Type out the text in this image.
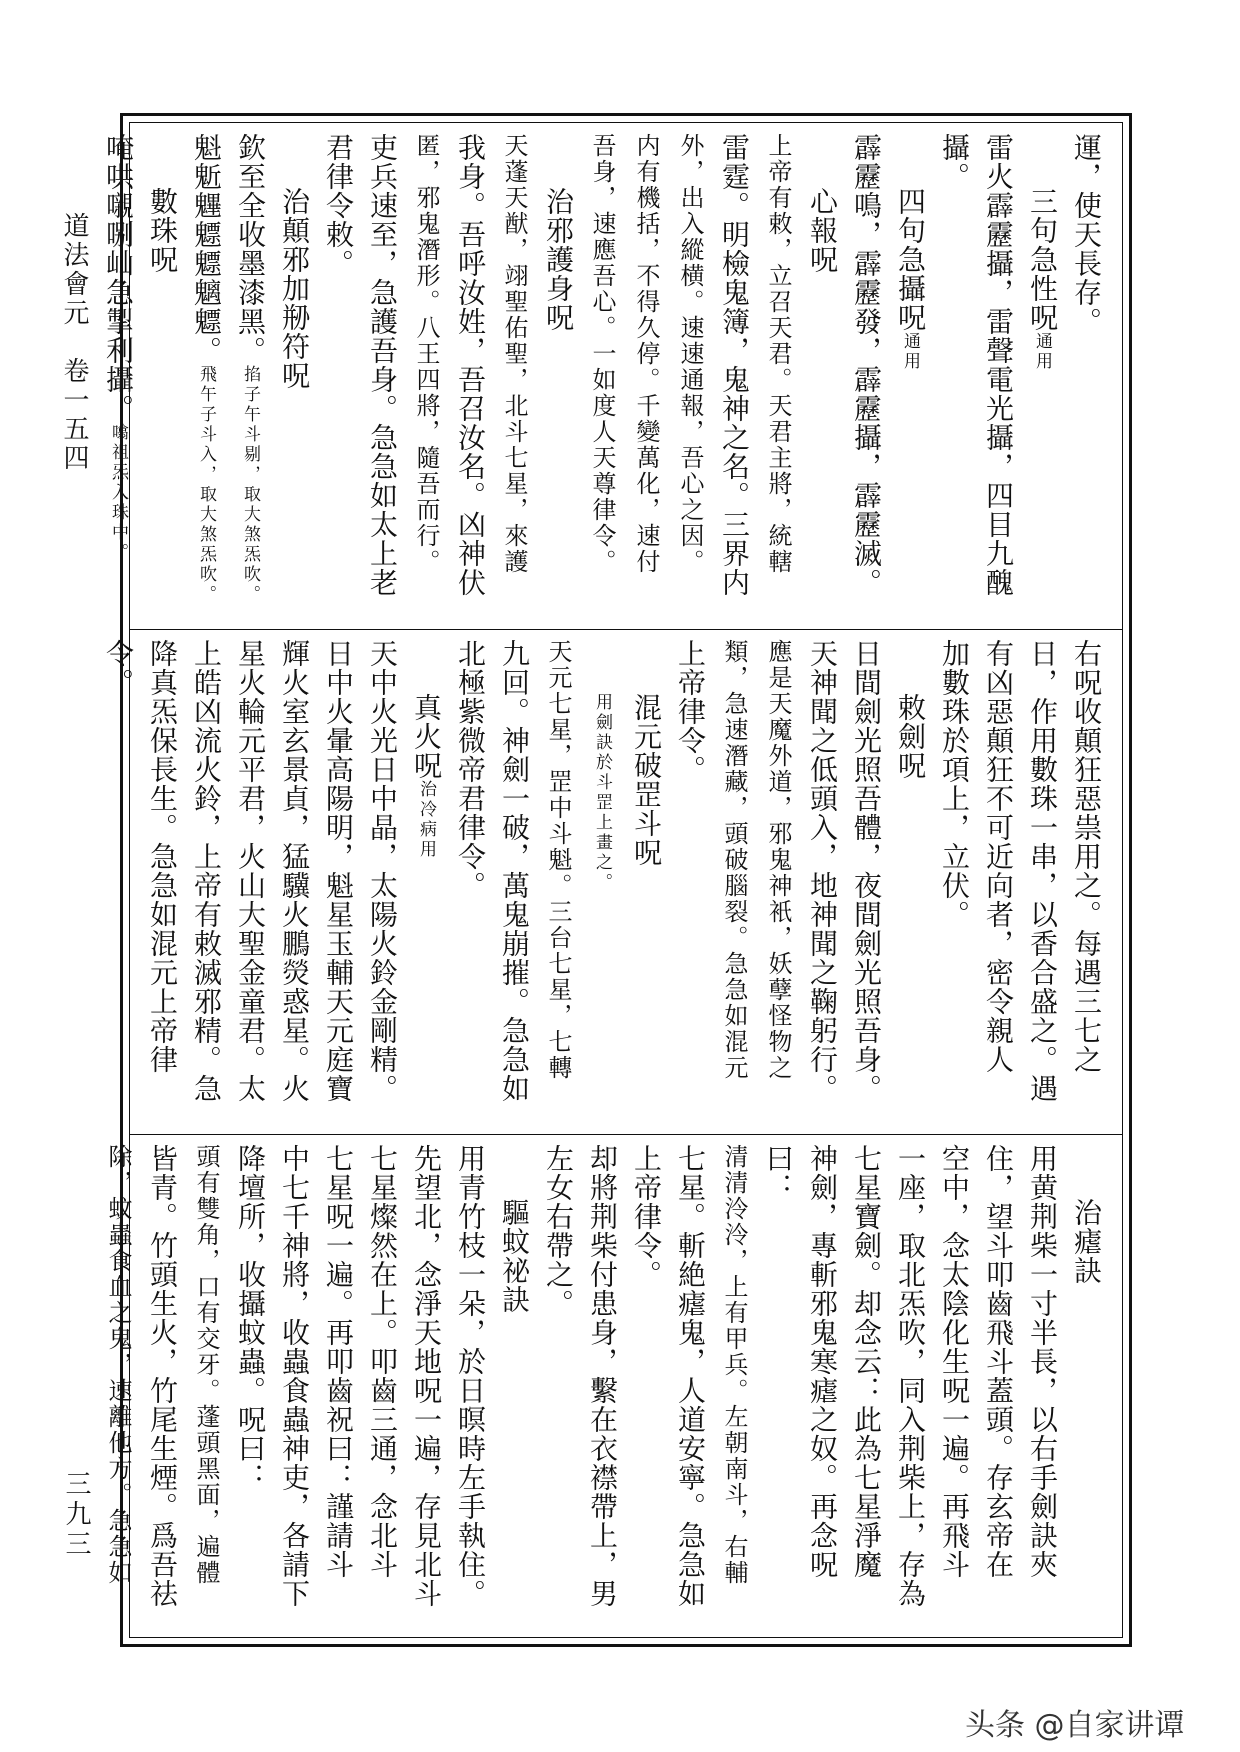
道法會元　卷一五四
三九三
運，使天長存。
三句急性呪通用
雷火霹靂攝，雷聲電光攝，四目九醜
攝。
四句急攝呪通用
霹靂鳴，霹靂發，霹靂攝，霹靂滅。
心報呪
上帝有敕，立召天君。天君主將，統轄
雷霆。明檢鬼簿，鬼神之名。三界内
外，出入縱横。速速通報，吾心之因。
内有機括，不得久停。千變萬化，速付
吾身，速應吾心。一如度人天尊律令。
治邪護身呪
天蓬天猷，翊聖佑聖，北斗七星，來護
我身。吾呼汝姓，吾召汝名。凶神伏
匿，邪鬼潛形。八王四將，隨吾而行。
吏兵速至，急護吾身。急急如太上老
君律令敕。
治顛邪加剙符呪
欽至全收墨漆黑。掐子午斗剔，取大煞炁吹。
魁鬿魓魒魒魑魒。飛午子斗入，取大煞炁吹。
數珠呪
唵哄嚫哵屾急掣利攝。噏祖炁入珠中。
右呪收顛狂惡祟用之。每遇三七之
日，作用數珠一串，以香合盛之。遇
有凶惡顛狂不可近向者，密令親人
加數珠於項上，立伏。
敕劍呪
日間劍光照吾體，夜間劍光照吾身。
天神聞之低頭入，地神聞之鞠躬行。
應是天魔外道，邪鬼神衹，妖孽怪物之
類，急速潛藏，頭破腦裂。急急如混元
上帝律令。
混元破罡斗呪
用劍訣於斗罡上畫之。
天元七星，罡中斗魁。三台七星，七轉
九回。神劍一破，萬鬼崩摧。急急如
北極紫微帝君律令。
真火呪治冷病用
天中火光日中晶，太陽火鈴金剛精。
日中火暈高陽明，魁星玉輔天元庭寶
輝火室玄景貞，猛驥火鵬熒惑星。火
星火輪元平君，火山大聖金童君。太
上皓凶流火鈴，上帝有敕滅邪精。急
降真炁保長生。急急如混元上帝律
令。
治瘧訣
用黄荆柴一寸半長，以右手劍訣夾
住，望斗叩齒飛斗蓋頭。存玄帝在
空中，念太陰化生呪一遍。再飛斗
一座，取北炁吹，同入荆柴上，存為
七星寶劍。却念云：此為七星淨魔
神劍，專斬邪鬼寒瘧之奴。再念呪
曰：
清清泠泠，上有甲兵。左朝南斗，右輔
七星。斬絶瘧鬼，人道安寧。急急如
上帝律令。
却將荆柴付患身，繫在衣襟帶上，男
左女右帶之。
驅蚊祕訣
用青竹枝一朵，於日暝時左手執住。
先望北，念淨天地呪一遍，存見北斗
七星燦然在上。叩齒三通，念北斗
七星呪一遍。再叩齒祝曰：謹請斗
中七千神將，收蟲食蟲神吏，各請下
降壇所，收攝蚊蟲。呪曰：
頭有雙角，口有交牙。蓬頭黑面，遍體
皆青。竹頭生火，竹尾生煙。爲吾祛
除，蚊蟲食血之鬼，速離他方。急急如
头条 @自家讲谭
